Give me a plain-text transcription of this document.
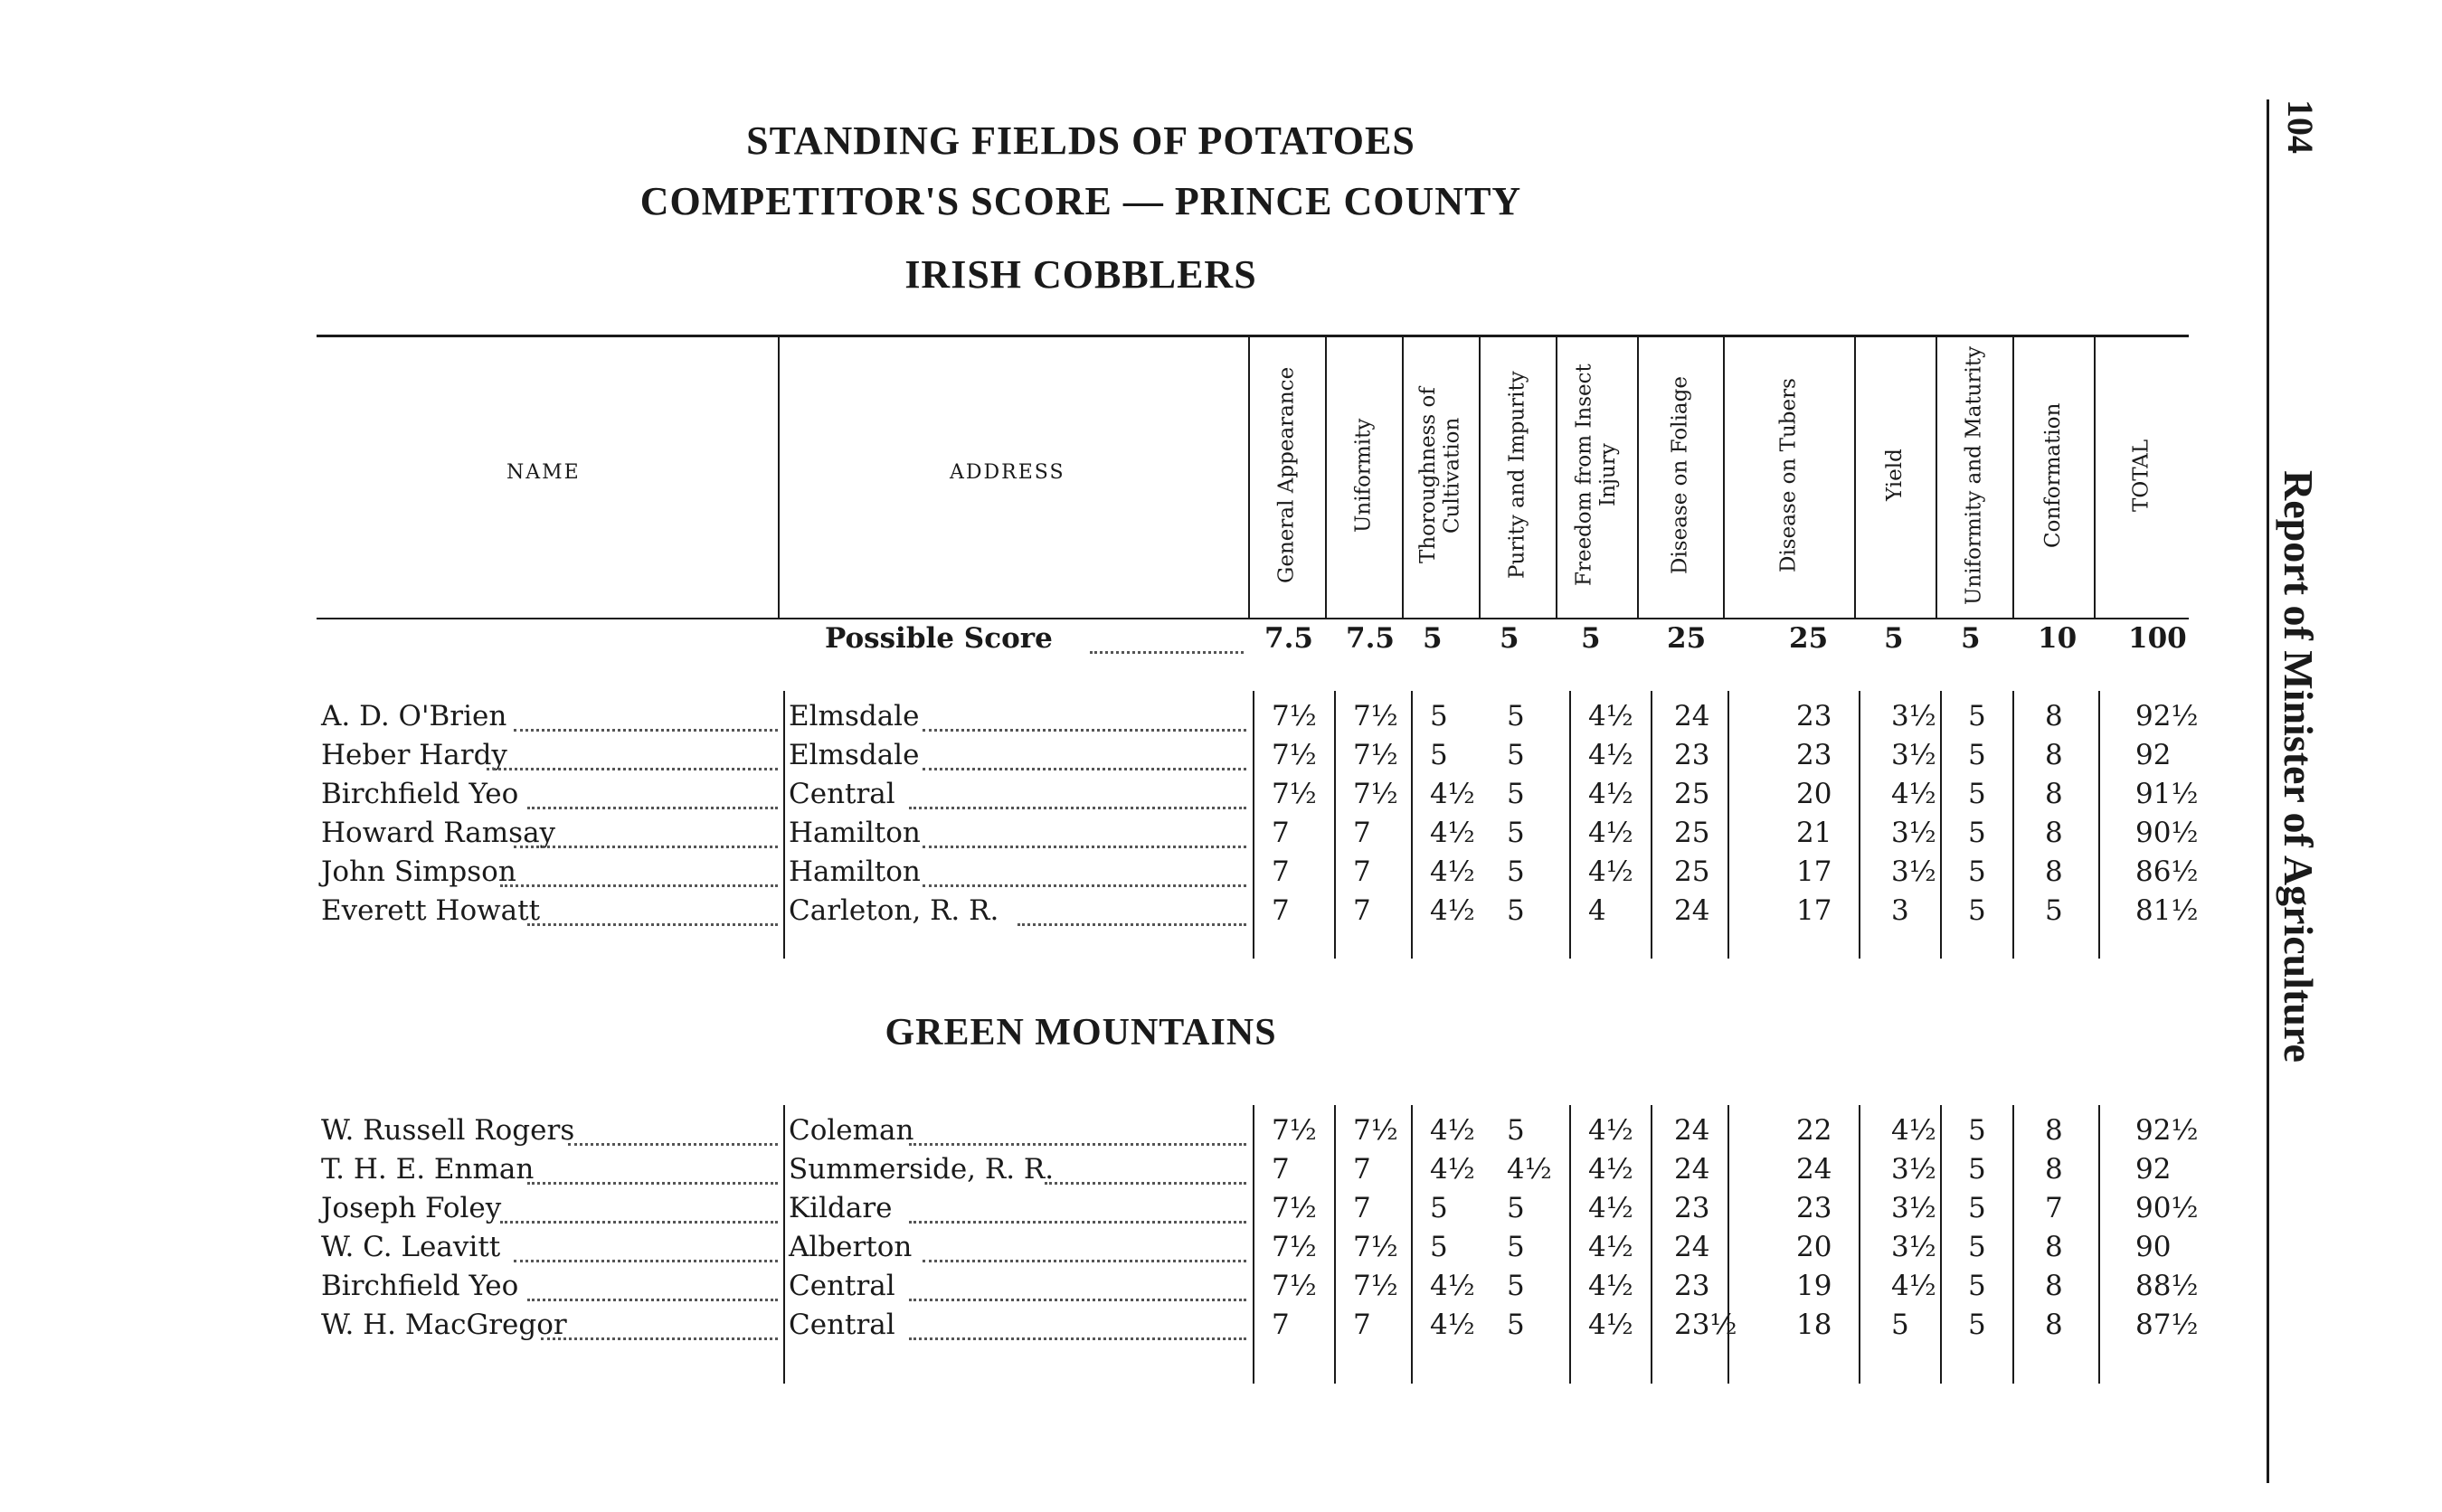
STANDING FIELDS OF POTATOES
COMPETITOR'S SCORE — PRINCE COUNTY
IRISH COBBLERS
GREEN MOUNTAINS
NAME	ADDRESS	General Appearance	Uniformity	Thoroughness of Cultivation	Purity and Impurity	Freedom from Insect Injury	Disease on Foliage	Disease on Tubers	Yield	Uniformity and Maturity	Conformation	TOTAL
Possible Score	7.5 7.5 5 5 5 25	25 5 5 10 100
A. D. O'Brien	Elmsdale	7½ 7½ 5 5 4½ 24	23 3½ 5 8	92½
Heber Hardy	Elmsdale	7½ 7½ 5 5 4½ 23	23 3½ 5 8	92
Birchfield Yeo	Central	7½ 7½ 4½ 5 4½ 25	20 4½ 5 8	91½
Howard Ramsay	Hamilton	7 7 4½ 5 4½ 25	21 3½ 5 8	90½
John Simpson	Hamilton	7 7 4½ 5 4½ 25	17 3½ 5 8	86½
Everett Howatt	Carleton, R. R.	7 7 4½ 5 4 24	17 3 5 5	81½
W. Russell Rogers	Coleman	7½ 7½ 4½ 5 4½ 24	22 4½ 5 8	92½
T. H. E. Enman	Summerside, R. R.	7 7 4½ 4½ 4½ 24	24 3½ 5 8	92
Joseph Foley	Kildare	7½ 7 5 5 4½ 23	23 3½ 5 7	90½
W. C. Leavitt	Alberton	7½ 7½ 5 5 4½ 24	20 3½ 5 8	90
Birchfield Yeo	Central	7½ 7½ 4½ 5 4½ 23	19 4½ 5 8	88½
W. H. MacGregor	Central	7 7 4½ 5 4½ 23½ 18 5 5 8	87½
104
Report of Minister of Agriculture
